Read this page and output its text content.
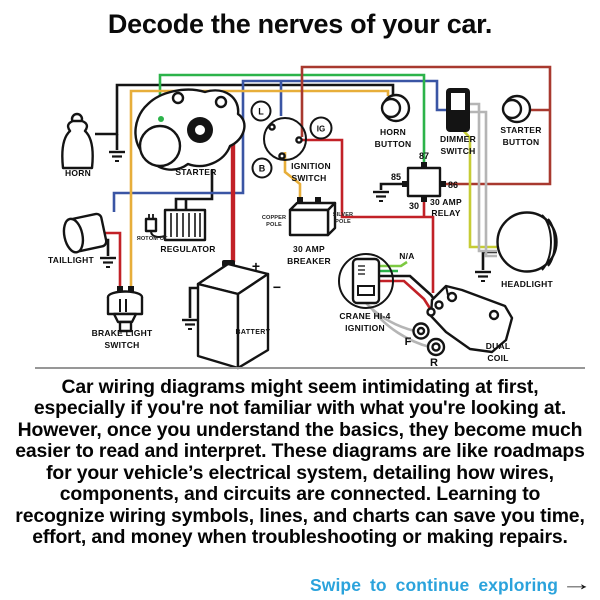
Decode the nerves of your car.
HORN	STARTER
L
IG
B	IGNITION
SWITCH
HORN
BUTTON	DIMMER
SWITCH
STARTER
BUTTON
87
85
86
30 30 AMP
RELAY
TAILLIGHT
TO MOTOR
REGULATOR
COPPER
POLE
SILVER
POLE
30 AMP
BREAKER
+
−
BATTERY
BRAKE LIGHT
SWITCH
CRANE HI-4
IGNITION
N/A
F
R
DUAL
COIL
HEADLIGHT
Car wiring diagrams might seem intimidating at first, especially if you're not familiar with what you're looking at. However, once you understand the basics, they become much easier to read and interpret. These diagrams are like roadmaps for your vehicle’s electrical system, detailing how wires, components, and circuits are connected. Learning to recognize wiring symbols, lines, and charts can save you time, effort, and money when troubleshooting or making repairs.
Swipe to continue exploring →
